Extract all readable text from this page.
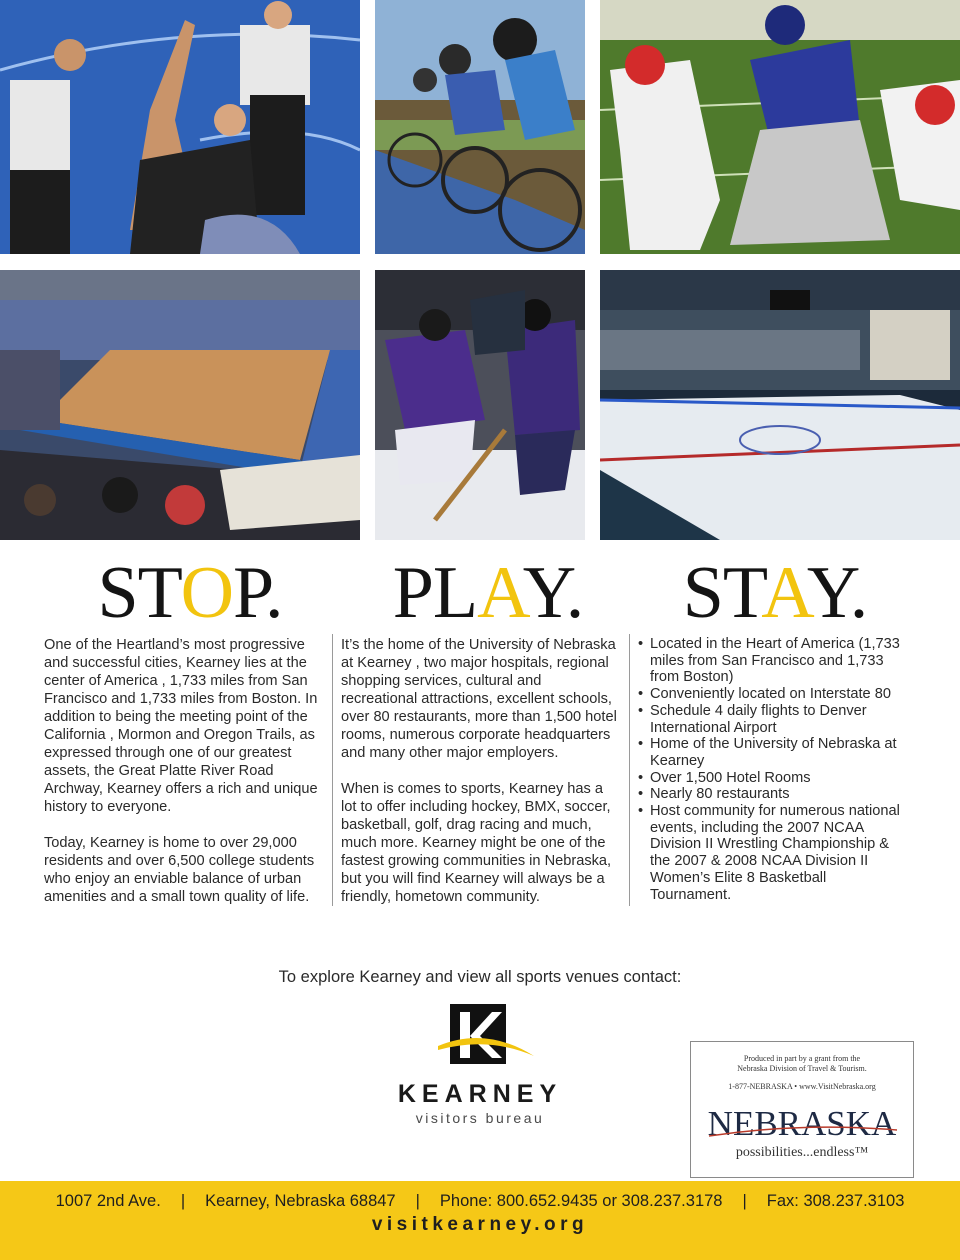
STOP.	PLAY.	STAY.

One of the Heartland’s most progressive and successful cities, Kearney lies at the center of America , 1,733 miles from San Francisco and 1,733 miles from Boston. In addition to being the meeting point of the California , Mormon and Oregon Trails, as expressed through one of our greatest assets, the Great Platte River Road Archway, Kearney offers a rich and unique history to everyone.

Today, Kearney is home to over 29,000 residents and over 6,500 college students who enjoy an enviable balance of urban amenities and a small town quality of life.

It’s the home of the University of Nebraska at Kearney , two major hospitals, regional shopping services, cultural and recreational attractions, excellent schools, over 80 restaurants, more than 1,500 hotel rooms, numerous corporate headquarters and many other major employers.

When is comes to sports, Kearney has a lot to offer including hockey, BMX, soccer, basketball, golf, drag racing and much, much more. Kearney might be one of the fastest growing communities in Nebraska, but you will find Kearney will always be a friendly, hometown community.

• Located in the Heart of America (1,733 miles from San Francisco and 1,733 from Boston)
• Conveniently located on Interstate 80
• Schedule 4 daily flights to Denver International Airport
• Home of the University of Nebraska at Kearney
• Over 1,500 Hotel Rooms
• Nearly 80 restaurants
• Host community for numerous national events, including the 2007 NCAA Division II Wrestling Championship & the 2007 & 2008 NCAA Division II Women’s Elite 8 Basketball Tournament.
To explore Kearney and view all sports venues contact:
KEARNEY
visitors bureau
Produced in part by a grant from the
Nebraska Division of Travel & Tourism.
1-877-NEBRASKA • www.VisitNebraska.org
NEBRASKA
possibilities...endless™
1007 2nd Ave. | Kearney, Nebraska 68847 | Phone: 800.652.9435 or 308.237.3178 | Fax: 308.237.3103
visitkearney.org
